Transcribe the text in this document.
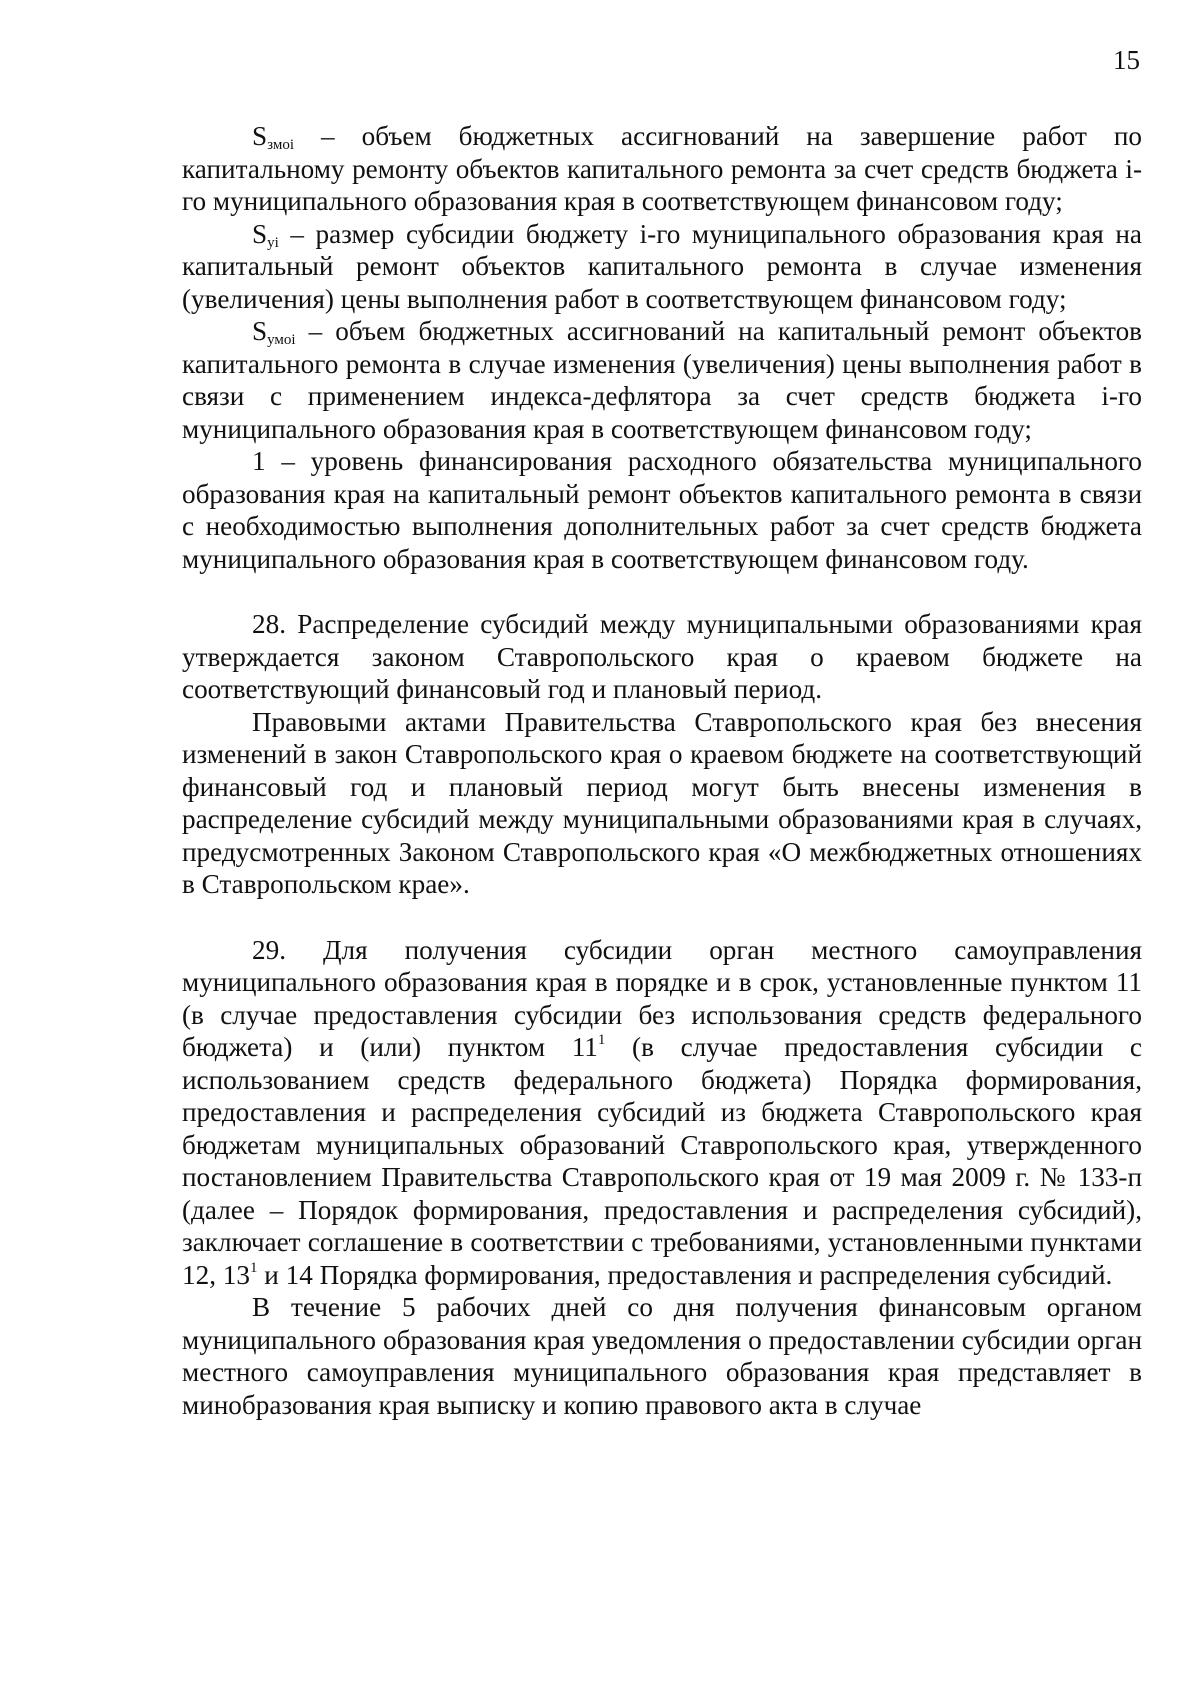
15

$S_{змоi}$ – объем бюджетных ассигнований на завершение работ по капитальному ремонту объектов капитального ремонта за счет средств бюджета i-го муниципального образования края в соответствующем финансовом году;

$S_{уi}$ – размер субсидии бюджету i-го муниципального образования края на капитальный ремонт объектов капитального ремонта в случае изменения (увеличения) цены выполнения работ в соответствующем финансовом году;

$S_{умоi}$ – объем бюджетных ассигнований на капитальный ремонт объектов капитального ремонта в случае изменения (увеличения) цены выполнения работ в связи с применением индекса-дефлятора за счет средств бюджета i-го муниципального образования края в соответствующем финансовом году;

1 – уровень финансирования расходного обязательства муниципального образования края на капитальный ремонт объектов капитального ремонта в связи с необходимостью выполнения дополнительных работ за счет средств бюджета муниципального образования края в соответствующем финансовом году.

28. Распределение субсидий между муниципальными образованиями края утверждается законом Ставропольского края о краевом бюджете на соответствующий финансовый год и плановый период.

Правовыми актами Правительства Ставропольского края без внесения изменений в закон Ставропольского края о краевом бюджете на соответствующий финансовый год и плановый период могут быть внесены изменения в распределение субсидий между муниципальными образованиями края в случаях, предусмотренных Законом Ставропольского края «О межбюджетных отношениях в Ставропольском крае».

29. Для получения субсидии орган местного самоуправления муниципального образования края в порядке и в срок, установленные пунктом 11 (в случае предоставления субсидии без использования средств федерального бюджета) и (или) пунктом $11^1$ (в случае предоставления субсидии с использованием средств федерального бюджета) Порядка формирования, предоставления и распределения субсидий из бюджета Ставропольского края бюджетам муниципальных образований Ставропольского края, утвержденного постановлением Правительства Ставропольского края от 19 мая 2009 г. № 133-п (далее – Порядок формирования, предоставления и распределения субсидий), заключает соглашение в соответствии с требованиями, установленными пунктами 12, $13^1$ и 14 Порядка формирования, предоставления и распределения субсидий.

В течение 5 рабочих дней со дня получения финансовым органом муниципального образования края уведомления о предоставлении субсидии орган местного самоуправления муниципального образования края представляет в минобразования края выписку и копию правового акта в случае
